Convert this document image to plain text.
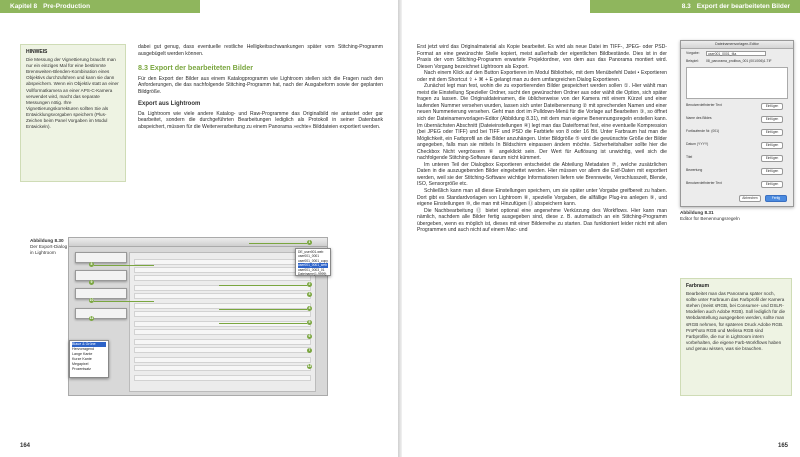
Kapitel 8 Pre-Production
HINWEIS
Die Messung der Vignettierung braucht man nur ein einziges Mal für eine bestimmte Brennweiten-Blenden-Kombination eines Objektivs durchzuführen und kann sie dann abspeichern. Wenn ein Objektiv statt an einer Vollformatkamera an einer APS-C-Kamera verwendet wird, macht das separate Messungen nötig. Ihre Vignettierungskorrekturen sollten Sie als Entwicklungsvorgaben speichern (Plus-Zeichen beim Panel Vorgaben im Modul Entwickeln).

dabei gut genug, dass eventuelle restliche Helligkeitsschwankungen später vom Stitching-Programm ausgebügelt werden können.

8.3 Export der bearbeiteten Bilder

Für den Export der Bilder aus einem Katalogprogramm wie Lightroom stellen sich die Fragen nach den Anforderungen, die das nachfolgende Stitching-Programm hat, nach der Ausgabeform sowie der geplanten Bildgröße.

Export aus Lightroom

Da Lightroom wie viele andere Katalog- und Raw-Programme das Originalbild nie antastet oder gar bearbeitet, sondern die durchgeführten Bearbeitungen lediglich als Protokoll in seiner Datenbank abspeichert, müssen für die Weiterverarbeitung zu einem Panorama »echte« Bilddateien exportiert werden.

Abbildung 8.30
Der Export-Dialog in Lightroom
Blaue & Grüne
Hervorragend
Lange Kante
Kurze Kante
Megapixel
Prozentsatz
DE_user001.web
user001_0001
user001_0001_copy
user001_0001_web
user001_0003_01
Dateiname(1-9999)
1
2
3
4
5
6
7
8
9
10
11
12
164
8.3 Export der bearbeiteten Bilder

Erst jetzt wird das Originalmaterial als Kopie bearbeitet. Es wird als neue Datei im TIFF-, JPEG- oder PSD-Format an eine gewünschte Stelle kopiert, meist außerhalb der eigentlichen Bildbestände. Dies ist in der Praxis der vom Stitching-Programm erwartete Projektordner, von dem aus das Panorama montiert wird. Diesen Vorgang bezeichnet Lightroom als Export.

Nach einem Klick auf den Button Exportieren im Modul Bibliothek, mit dem Menübefehl Datei • Exportieren oder mit dem Shortcut ⇧ + ⌘ + E gelangt man zu dem umfangreichen Dialog Exportieren.

Zunächst legt man fest, wohin die zu exportierenden Bilder gespeichert werden sollen ①. Hier wählt man meist die Einstellung Spezieller Ordner, sucht den gewünschten Ordner aus oder wählt die Option, sich später fragen zu lassen. Die Originaldateinamen, die üblicherweise von der Kamera mit einem Kürzel und einer laufenden Nummer versehen wurden, lassen sich unter Dateibenennung ② mit sprechenden Namen und einer neuen Nummerierung versehen. Geht man dort im Pulldown-Menü für die Vorlage auf Bearbeiten ③, so öffnet sich der Dateinamenvorlagen-Editor (Abbildung 8.31), mit dem man eigene Benennungsregeln erstellen kann. Im übernächsten Abschnitt (Dateieinstellungen ④) legt man das Dateiformat fest, eine eventuelle Kompression (bei JPEG oder TIFF) und bei TIFF und PSD die Farbtiefe von 8 oder 16 Bit. Unter Farbraum hat man die Möglichkeit, ein Farbprofil an die Bilder anzuhängen. Unter Bildgröße ⑤ wird die gewünschte Größe der Bilder angegeben, falls man sie mittels In Bildschirm einpassen ändern möchte. Sicherheitshalber sollte hier die Checkbox Nicht vergrössern ⑥ angeklickt sein. Der Wert für Auflösung ist unwichtig, weil sich die nachfolgende Stitching-Software darum nicht kümmert.

Im unteren Teil der Dialogbox Exportieren entscheidet die Abteilung Metadaten ⑦, welche zusätzlichen Daten in die auszugebenden Bilder eingebettet werden. Hier müssen vor allem die Exif-Daten mit exportiert werden, weil sie der Stitching-Software wichtige Informationen liefern wie Brennweite, Verschlusszeit, Blende, ISO, Sensorgröße etc.

Schließlich kann man all diese Einstellungen speichern, um sie später unter Vorgabe greifbereit zu haben. Dort gibt es Standardvorlagen von Lightroom ⑧, spezielle Vorgaben, die allfällige Plug-ins anlegen ⑨, und eigene Einstellungen ⑩, die man mit Hinzufügen ⑪ abspeichern kann.

Die Nachbearbeitung ⑫ bietet optional eine angenehme Verkürzung des Workflows. Hier kann man nämlich, nachdem alle Bilder fertig ausgegeben sind, diese z. B. automatisch an ein Stitching-Programm übergeben, wenn es möglich ist, dieses mit einer Bilderreihe zu starten. Das funktioniert leider nicht mit allen Programmen und auch nicht auf einem Mac- und

Dateinamenvorlagen-Editor
Vorgabe:	user001_0001_f4a
Beispiel: 08_panorama_prolibus_001 (001/006)1.TIF
Benutzerdefinierter Text	Einfügen
Name des Bildes	Einfügen
Fortlaufende Nr. (001)	Einfügen
Datum (YYYY)	Einfügen
Titel	Einfügen
Bewertung	Einfügen
Benutzerdefinierter Text	Einfügen
Abbrechen	Fertig
Abbildung 8.31
Editor für Benennungsregeln
Farbraum
Bearbeitet man das Panorama später noch, sollte unter Farbraum das Farbprofil der Kamera stehen (meist sRGB, bei Consumer- und DSLR-Modellen auch Adobe RGB). Soll lediglich für die Webdarstellung ausgegeben werden, sollte man sRGB nehmen, für späteren Druck Adobe RGB. ProPhoto RGB und Melissa RGB sind Farbprofile, die nur in Lightroom intern vorbehalten, die eigene Farb-Workflows haben und genau wissen, was sie brauchen.
165
